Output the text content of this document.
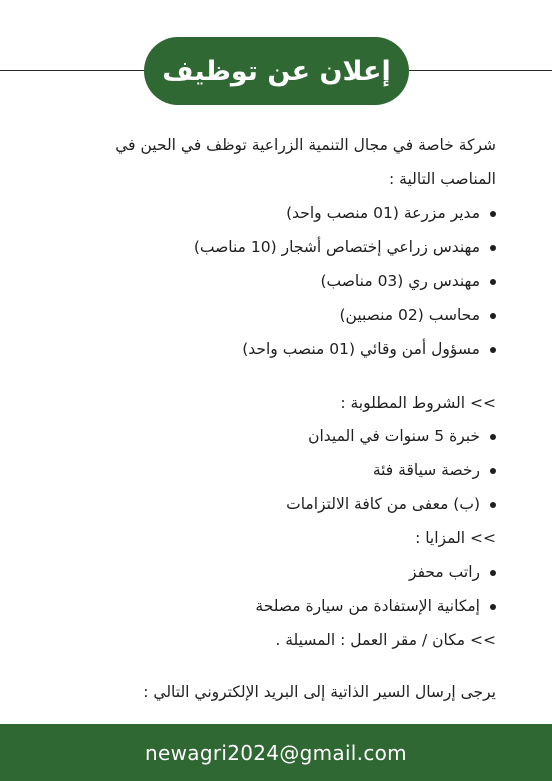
إعلان عن توظيف
شركة خاصة في مجال التنمية الزراعية توظف في الحين في
المناصب التالية :
مدير مزرعة (01 منصب واحد)
مهندس زراعي إختصاص أشجار (10 مناصب)
مهندس ري (03 مناصب)
محاسب (02 منصبين)
مسؤول أمن وقائي (01 منصب واحد)
>> الشروط المطلوبة :
خبرة 5 سنوات في الميدان
رخصة سياقة فئة
(ب) معفى من كافة الالتزامات
>> المزايا :
راتب محفز
إمكانية الإستفادة من سيارة مصلحة
>> مكان / مقر العمل : المسيلة .
يرجى إرسال السير الذاتية إلى البريد الإلكتروني التالي :
newagri2024@gmail.com
